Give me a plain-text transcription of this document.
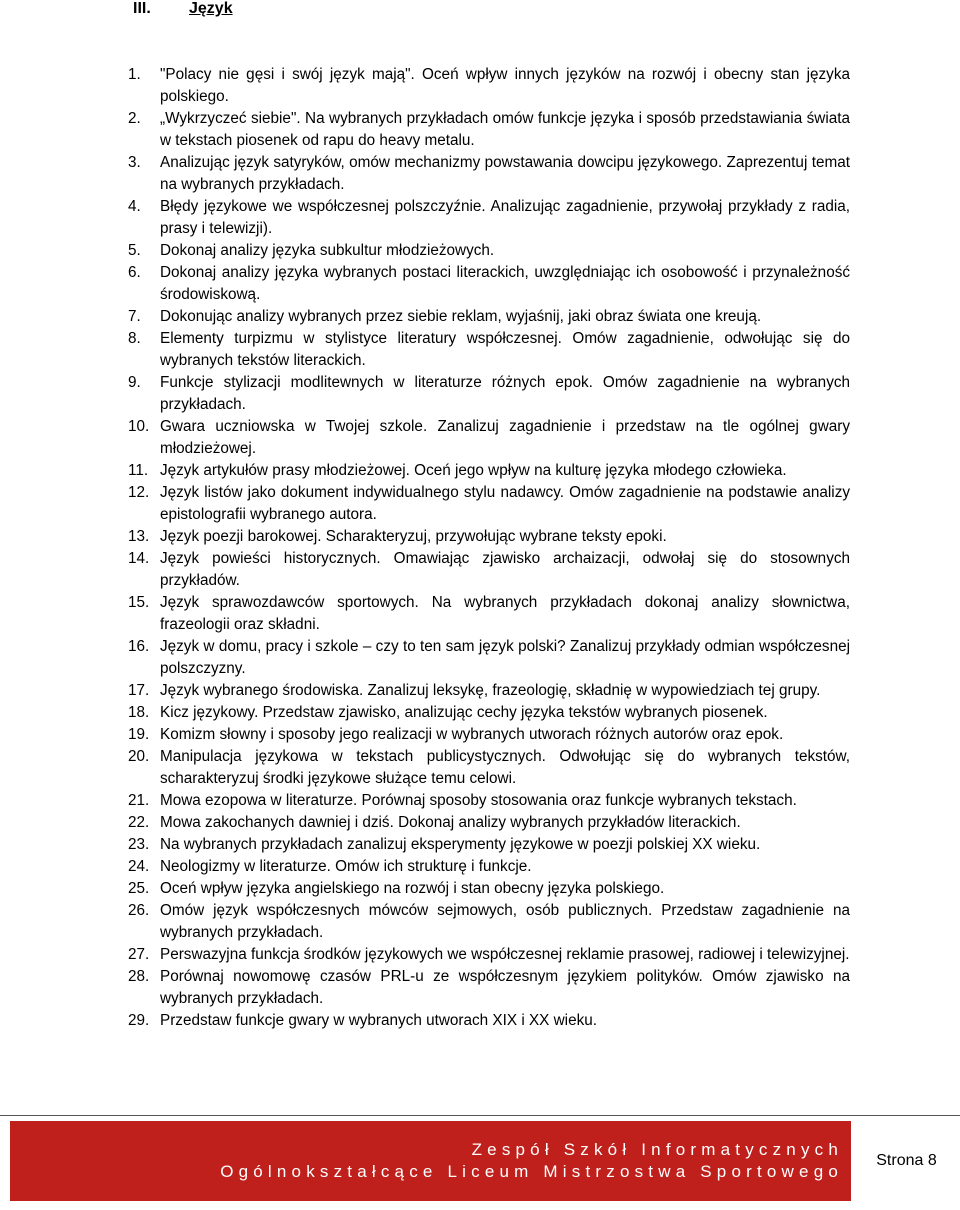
III. Język
1.	"Polacy nie gęsi i swój język mają". Oceń wpływ innych języków na rozwój i obecny stan języka polskiego.
2.	„Wykrzyczeć siebie". Na wybranych przykładach omów funkcje języka i sposób przedstawiania świata w tekstach piosenek od rapu do heavy metalu.
3.	Analizując język satyryków, omów mechanizmy powstawania dowcipu językowego. Zaprezentuj temat na wybranych przykładach.
4.	Błędy językowe we współczesnej polszczyźnie. Analizując zagadnienie, przywołaj przykłady z radia, prasy i telewizji).
5.	Dokonaj analizy języka subkultur młodzieżowych.
6.	Dokonaj analizy języka wybranych postaci literackich, uwzględniając ich osobowość i przynależność środowiskową.
7.	Dokonując analizy wybranych przez siebie reklam, wyjaśnij, jaki obraz świata one kreują.
8.	Elementy turpizmu w stylistyce literatury współczesnej. Omów zagadnienie, odwołując się do wybranych tekstów literackich.
9.	Funkcje stylizacji modlitewnych w literaturze różnych epok. Omów zagadnienie na wybranych przykładach.
10. Gwara uczniowska w Twojej szkole. Zanalizuj zagadnienie i przedstaw na tle ogólnej gwary młodzieżowej.
11. Język artykułów prasy młodzieżowej. Oceń jego wpływ na kulturę języka młodego człowieka.
12. Język listów jako dokument indywidualnego stylu nadawcy. Omów zagadnienie na podstawie analizy epistolografii wybranego autora.
13. Język poezji barokowej. Scharakteryzuj, przywołując wybrane teksty epoki.
14. Język powieści historycznych. Omawiając zjawisko archaizacji, odwołaj się do stosownych przykładów.
15. Język sprawozdawców sportowych. Na wybranych przykładach dokonaj analizy słownictwa, frazeologii oraz składni.
16. Język w domu, pracy i szkole – czy to ten sam język polski? Zanalizuj przykłady odmian współczesnej polszczyzny.
17. Język wybranego środowiska. Zanalizuj leksykę, frazeologię, składnię w wypowiedziach tej grupy.
18. Kicz językowy. Przedstaw zjawisko, analizując cechy języka tekstów wybranych piosenek.
19. Komizm słowny i sposoby jego realizacji w wybranych utworach różnych autorów oraz epok.
20. Manipulacja językowa w tekstach publicystycznych. Odwołując się do wybranych tekstów, scharakteryzuj środki językowe służące temu celowi.
21. Mowa ezopowa w literaturze. Porównaj sposoby stosowania oraz funkcje wybranych tekstach.
22. Mowa zakochanych dawniej i dziś. Dokonaj analizy wybranych przykładów literackich.
23. Na wybranych przykładach zanalizuj eksperymenty językowe w poezji polskiej XX wieku.
24. Neologizmy w literaturze. Omów ich strukturę i funkcje.
25. Oceń wpływ języka angielskiego na rozwój i stan obecny języka polskiego.
26. Omów język współczesnych mówców sejmowych, osób publicznych. Przedstaw zagadnienie na wybranych przykładach.
27. Perswazyjna funkcja środków językowych we współczesnej reklamie prasowej, radiowej i telewizyjnej.
28. Porównaj nowomowę czasów PRL-u ze współczesnym językiem polityków. Omów zjawisko na wybranych przykładach.
29. Przedstaw funkcje gwary w wybranych utworach XIX i XX wieku.
Zespół Szkół Informatycznych
Ogólnokształcące Liceum Mistrzostwa Sportowego
Strona 8
